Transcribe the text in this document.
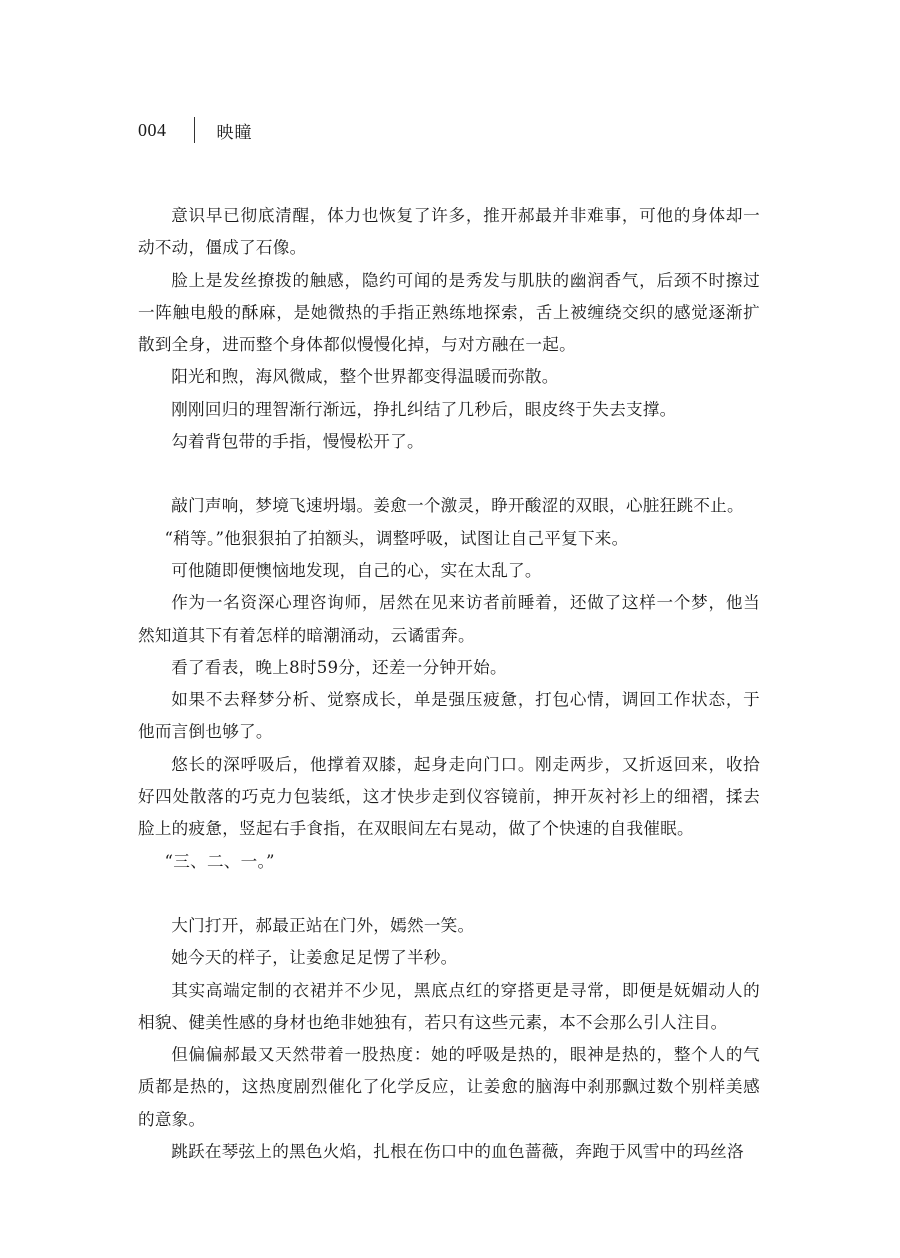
004	映瞳

意识早已彻底清醒，体力也恢复了许多，推开郝最并非难事，可他的身体却一动不动，僵成了石像。

脸上是发丝撩拨的触感，隐约可闻的是秀发与肌肤的幽润香气，后颈不时擦过一阵触电般的酥麻，是她微热的手指正熟练地探索，舌上被缠绕交织的感觉逐渐扩散到全身，进而整个身体都似慢慢化掉，与对方融在一起。

阳光和煦，海风微咸，整个世界都变得温暖而弥散。

刚刚回归的理智渐行渐远，挣扎纠结了几秒后，眼皮终于失去支撑。

勾着背包带的手指，慢慢松开了。

敲门声响，梦境飞速坍塌。姜愈一个激灵，睁开酸涩的双眼，心脏狂跳不止。

“稍等。”他狠狠拍了拍额头，调整呼吸，试图让自己平复下来。

可他随即便懊恼地发现，自己的心，实在太乱了。

作为一名资深心理咨询师，居然在见来访者前睡着，还做了这样一个梦，他当然知道其下有着怎样的暗潮涌动，云谲雷奔。

看了看表，晚上8时59分，还差一分钟开始。

如果不去释梦分析、觉察成长，单是强压疲惫，打包心情，调回工作状态，于他而言倒也够了。

悠长的深呼吸后，他撑着双膝，起身走向门口。刚走两步，又折返回来，收拾好四处散落的巧克力包装纸，这才快步走到仪容镜前，抻开灰衬衫上的细褶，揉去脸上的疲惫，竖起右手食指，在双眼间左右晃动，做了个快速的自我催眠。

“三、二、一。”

大门打开，郝最正站在门外，嫣然一笑。

她今天的样子，让姜愈足足愣了半秒。

其实高端定制的衣裙并不少见，黑底点红的穿搭更是寻常，即便是妩媚动人的相貌、健美性感的身材也绝非她独有，若只有这些元素，本不会那么引人注目。

但偏偏郝最又天然带着一股热度：她的呼吸是热的，眼神是热的，整个人的气质都是热的，这热度剧烈催化了化学反应，让姜愈的脑海中刹那飘过数个别样美感的意象。

跳跃在琴弦上的黑色火焰，扎根在伤口中的血色蔷薇，奔跑于风雪中的玛丝洛
